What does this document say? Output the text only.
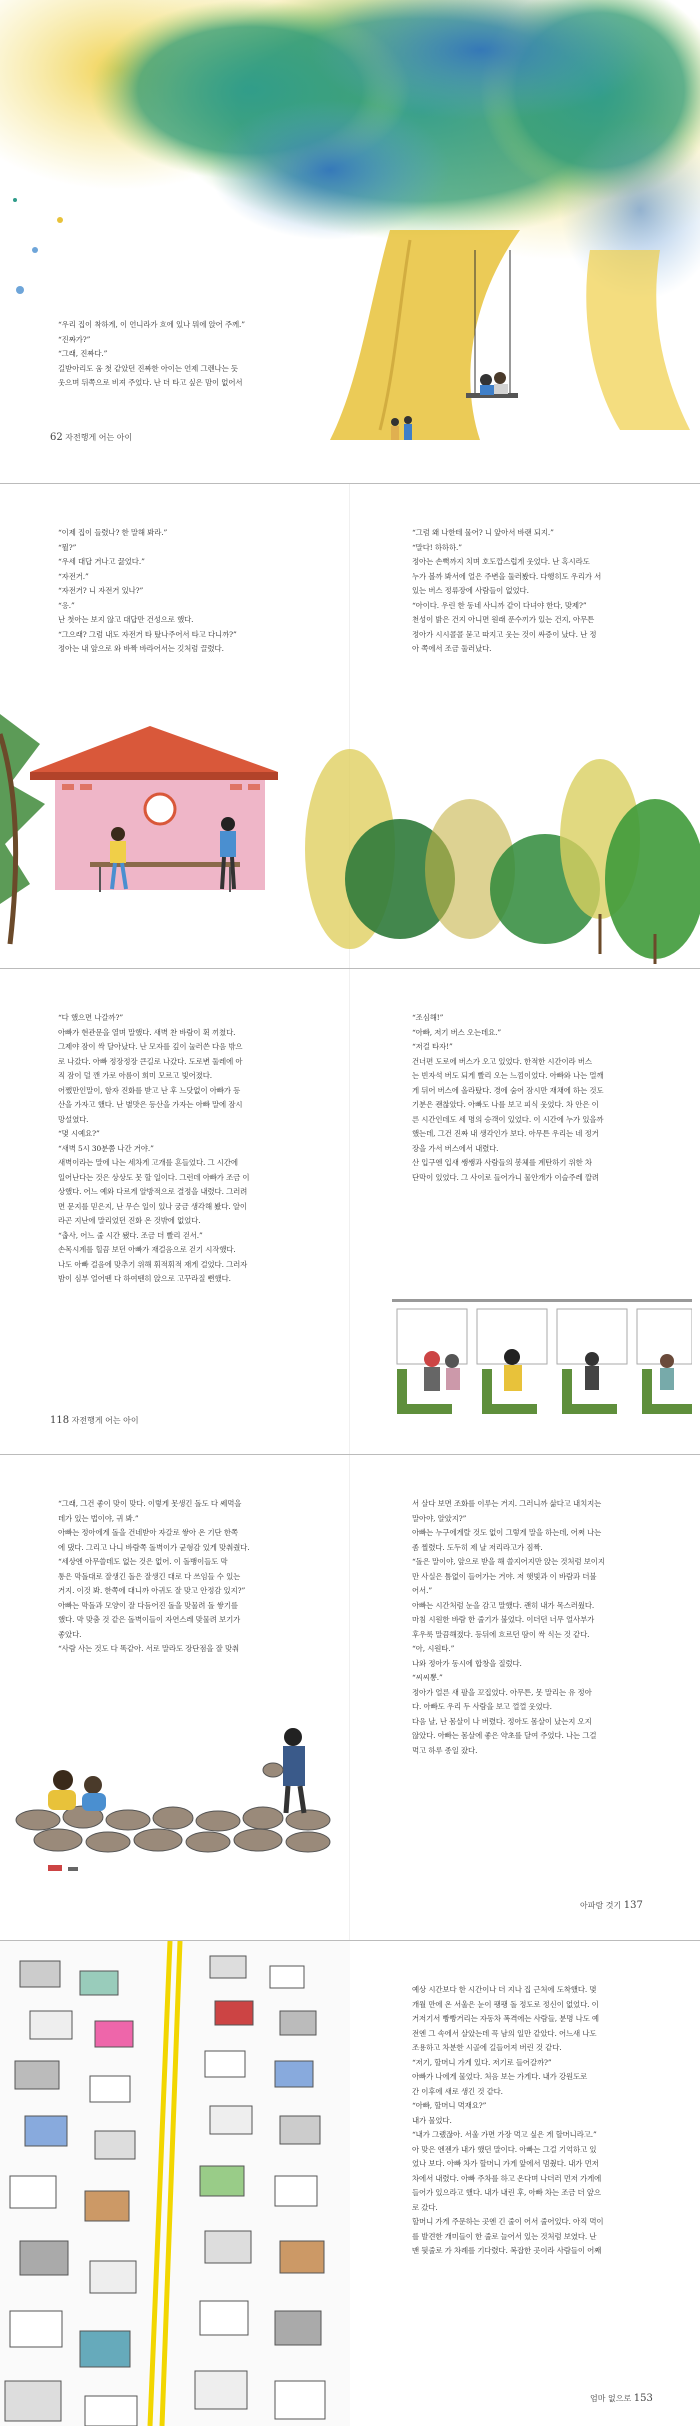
“우리 집이 착하게, 이 언니라가 흐에 있나 뭐에 앉어 주께.”

“진짜가?”

“그래, 진짜다.”

길받아리도 움 첫 같았던 진짜한 아이는 언제 그렌나는 듯

웃으며 뒤쪽으로 비져 주었다. 난 더 타고 싶은 맘이 없어서

62 자전행게 어는 아이

“이제 집이 들렸나? 한 말해 봐라.”

“뭘?”

“우세 대답 거나고 끓었다.”

“자전거.”

“자전거? 니 자전거 있나?”

“응.”

난 첫아는 보지 않고 대답만 건성으로 했다.

“그으래? 그럼 내도 자전거 타 탔나주어서 타고 다니까?”

정아는 내 앞으로 와 바짝 바라어서는 깃처럼 끌렸다.

“그럼 왜 나한테 물어? 니 앞아서 바랜 되지.”

“말다! 하하하.”

정아는 손뼉까지 치며 호도깝스럽게 웃었다. 난 혹시라도

누가 볼까 봐서에 얼은 주변을 둘러봤다. 다행히도 우리가 서

있는 버스 정류장에 사람들이 없었다.

“아이다. 우린 한 동네 사니까 같이 다녀야 한다, 맞제?”

천성이 밝은 건지 아니면 원래 푼수끼가 있는 건지, 아무튼

정아가 시시콜콜 묻고 따지고 웃는 것이 싸증이 났다. 난 정

아 쪽에서 조금 둘러났다.

“다 했으면 나갈까?”

아빠가 현관문을 열며 말했다. 새벽 찬 바람이 휙 끼쳤다.

그제야 잠이 싹 달아났다. 난 모자를 깊이 눌러쓴 다음 밖으

로 나갔다. 아빠 정장정장 큰길로 나갔다. 도로변 둘레에 아

직 잠이 덜 깬 가로 아름이 희미 모르고 빛어졌다.

어쨌만인말이, 함자 진화를 받고 난 후 느닷없이 아빠가 등

산을 가자고 했다. 난 별맛은 등산을 가자는 아빠 말에 잠시

망설였다.

“몇 시예요?”

“새벽 5시 30분쯤 나간 거야.”

새벽이라는 말에 나는 세차게 고개를 흔들었다. 그 시간에

일어난다는 것은 상상도 못 할 일이다. 그런데 아빠가 조금 이

상했다. 어느 예와 다르게 알방적으로 결정을 내렸다. 그러려

면 문지를 믿은지, 난 무슨 일이 있나 궁금 생각해 봤다. 알이

라곤 지난에 말리었던 진화 온 것밖에 없었다.

“춥사, 어느 줄 시간 됐다. 조금 더 빨리 걷서.”

손목시계를 힐끔 보던 아빠가 재걸음으로 걷기 시작했다.

나도 아빠 걸음에 맞추기 위해 휘적휘적 재게 걸었다. 그러자

밤이 심부 얼어뗀 다 하여뗀히 앉으로 고꾸라질 뻔했다.

118 자전행게 어는 아이

“조심해!”

“아빠, 저기 버스 오는데요.”

“저걸 타자!”

건너편 도로에 버스가 오고 있었다. 한적한 시간이라 버스

는 빈자석 버도 되게 빨리 오는 느낌이었다. 아빠와 나는 멀깨

게 뒤어 버스에 올라탔다. 경에 숨어 잠시만 재채에 하는 것도

기분은 괜찮았다. 아빠도 나를 보고 피식 웃었다. 차 안은 이

른 시간인데도 세 명의 승객이 있었다. 이 시간에 누가 있을까

했는데, 그건 진짜 내 생각인가 보다. 아무튼 우리는 네 정거

장을 가서 버스에서 내렸다.

산 입구엔 입새 쌩쌩과 사람들의 봉체를 계탄하기 위한 차

단막이 있었다. 그 사이로 들어가니 물안개가 이슬주레 깔려

“그래, 그건 좋이 맞이 맞다. 이렇게 못생긴 돌도 다 쎄먹을

데가 있는 법이야, 귀 봐.”

아빠는 정아에게 돌을 건네받아 자갈로 쌓아 온 기단 한쪽

에 댔다. 그리고 나니 바람쪽 돌벽이가 균형감 있게 맞춰줬다.

“세상엔 아무쓸데도 없는 것은 없어. 이 돌뱅이들도 막

통은 막돌대로 잘생긴 돌은 잘생긴 대로 다 쓰임들 수 있는

거지. 이것 봐. 한쪽에 대니까 아귀도 잘 맞고 안정감 있지?”

아빠는 막돌과 모양이 잘 다듬어진 돌을 맞물려 돌 쌓기를

했다. 막 맞춤 것 같은 돌벽이들이 자연스레 맞물려 보기가

좋았다.

“사람 사는 것도 다 똑같아. 서로 말라도 장단점을 잘 맞춰

서 살다 보면 조화를 이루는 거지. 그러니까 삶다고 내치지는

말아야, 알았지?”

아빠는 누구에게랄 것도 없이 그렇게 말을 하는데, 어쩌 나는

좀 찔렸다. 도두히 제 날 저리라고가 짐짝.

“돌은 말이야, 앞으로 받을 해 쓸지어지만 앉는 것처럼 보이지

만 사실은 틈없이 들어가는 거야. 저 햇빛과 이 바람과 더불

어서.”

아빠는 시간처럼 눈을 감고 말했다. 괜히 내가 목스러웠다.

마침 시원한 바람 한 줄기가 불었다. 이더던 너무 얼사부가

후우룩 말끔해졌다. 등뒤에 흐르던 땀이 싹 식는 것 같다.

“아, 시원타.”

나와 정아가 동시에 합창을 질렀다.

“씨씨뽕.”

정아가 얼른 새 팔을 꼬집었다. 아무튼, 못 말리는 유 정아

다. 아빠도 우리 두 사람을 보고 껄껄 웃었다.

다음 날, 난 몸살이 나 버렸다. 정아도 몸살이 났는지 오지

않았다. 아빠는 몸살에 좋은 약초를 달여 주었다. 나는 그걸

먹고 하루 종일 잤다.

아파람 것기 137

예상 시간보다 한 시간이나 더 지나 집 근처에 도착했다. 몇

개월 만에 온 서울은 눈이 팽팽 돌 정도로 정신이 없었다. 이

거저기서 빵빵거리는 자동차 폭격에는 사람들, 분명 나도 예

전엔 그 속에서 살았는데 꼭 남의 일만 같았다. 어느새 나도

조용하고 차분한 시골에 길들어져 버린 것 같다.

“저기, 할머니 가게 있다. 저기로 들어갈까?”

아빠가 나에게 물었다. 처음 보는 가게다. 내가 강원도로

간 이후에 새로 생긴 것 같다.

“아빠, 할머니 먹재요?”

내가 물었다.

“내가 그랬잖아. 서울 가면 가장 먹고 싶은 게 할머니라고.”

아 맞은 엔젠가 내가 했던 말이다. 아빠는 그걸 기억하고 있

었나 보다. 아빠 차가 할머니 가게 앞에서 멈췄다. 내가 먼저

차에서 내렸다. 아빠 주차를 하고 온다며 나더러 먼저 가게에

들어가 있으라고 했다. 내가 내린 후, 아빠 차는 조금 더 앞으

로 갔다.

할머니 가게 주문하는 곳엔 긴 줄이 어서 줄어있다. 아직 먹이

를 발견한 개미들이 한 줄로 늘어서 있는 것처럼 보였다. 난

맨 뒷줄로 가 차례를 기다렸다. 복잡한 곳이라 사람들이 어째

엄마 없으로 153
